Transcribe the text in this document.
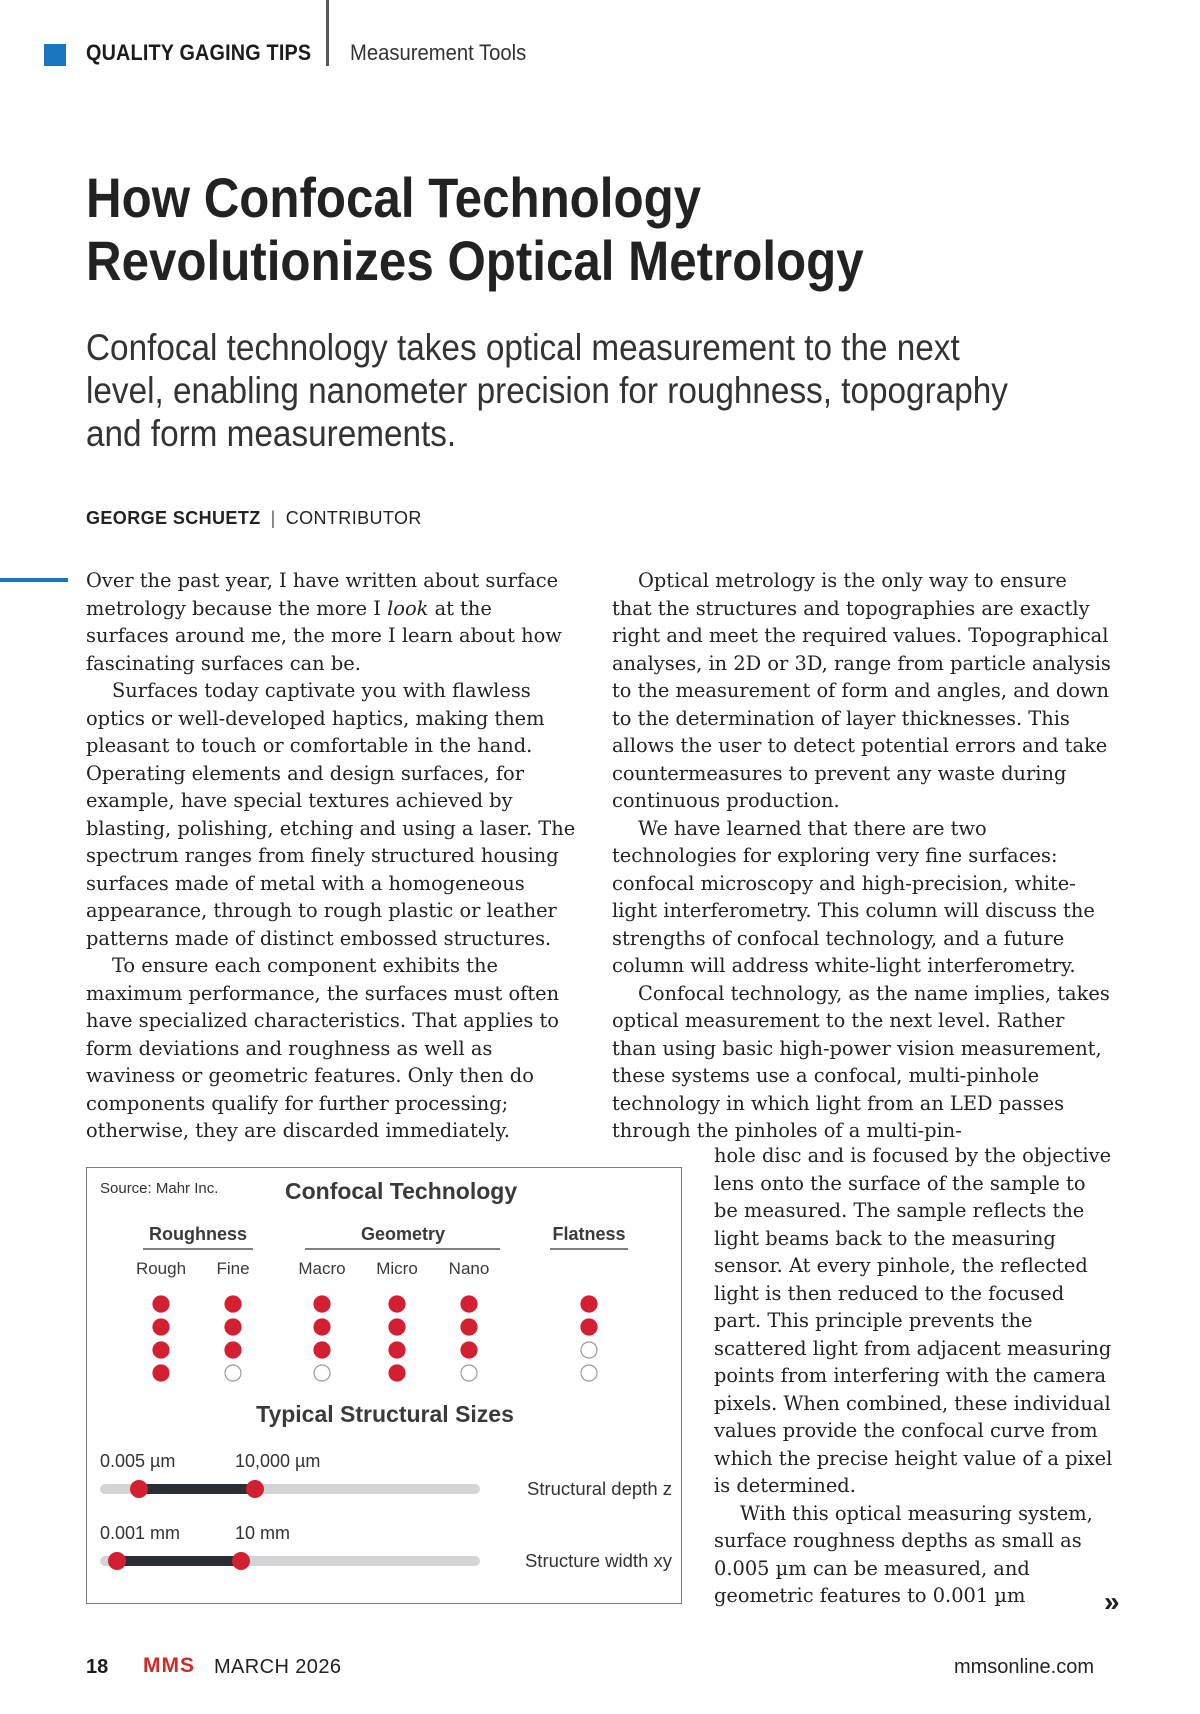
QUALITY GAGING TIPS Measurement Tools
How Confocal Technology Revolutionizes Optical Metrology
Confocal technology takes optical measurement to the next level, enabling nanometer precision for roughness, topography and form measurements.
GEORGE SCHUETZ | CONTRIBUTOR

Over the past year, I have written about surface metrology because the more I look at the surfaces around me, the more I learn about how fascinating surfaces can be.

Surfaces today captivate you with flawless optics or well-developed haptics, making them pleasant to touch or comfortable in the hand. Operating elements and design surfaces, for example, have special textures achieved by blasting, polishing, etching and using a laser. The spectrum ranges from finely structured housing surfaces made of metal with a homogeneous appearance, through to rough plastic or leather patterns made of distinct embossed structures.

To ensure each component exhibits the maximum performance, the surfaces must often have specialized characteristics. That applies to form deviations and roughness as well as waviness or geometric features. Only then do components qualify for further processing; otherwise, they are discarded immediately.

Optical metrology is the only way to ensure that the structures and topographies are exactly right and meet the required values. Topographical analyses, in 2D or 3D, range from particle analysis to the measurement of form and angles, and down to the determination of layer thicknesses. This allows the user to detect potential errors and take countermeasures to prevent any waste during continuous production.

We have learned that there are two technologies for exploring very fine surfaces: confocal microscopy and high-precision, white-light interferometry. This column will discuss the strengths of confocal technology, and a future column will address white-light interferometry.

Confocal technology, as the name implies, takes optical measurement to the next level. Rather than using basic high-power vision measurement, these systems use a confocal, multi-pinhole technology in which light from an LED passes through the pinholes of a multi-pin-

hole disc and is focused by the objective lens onto the surface of the sample to be measured. The sample reflects the light beams back to the measuring sensor. At every pinhole, the reflected light is then reduced to the focused part. This principle prevents the scattered light from adjacent measuring points from interfering with the camera pixels. When combined, these individual values provide the confocal curve from which the precise height value of a pixel is determined.

With this optical measuring system, surface roughness depths as small as 0.005 µm can be measured, and geometric features to 0.001 µm	»
Source: Mahr Inc.	Confocal Technology
Roughness
Rough Fine
Geometry
Macro Micro Nano
Flatness
Typical Structural Sizes
0.005 µm	10,000 µm
Structural depth z
0.001 mm	10 mm
Structure width xy
18 MMS MARCH 2026	mmsonline.com
